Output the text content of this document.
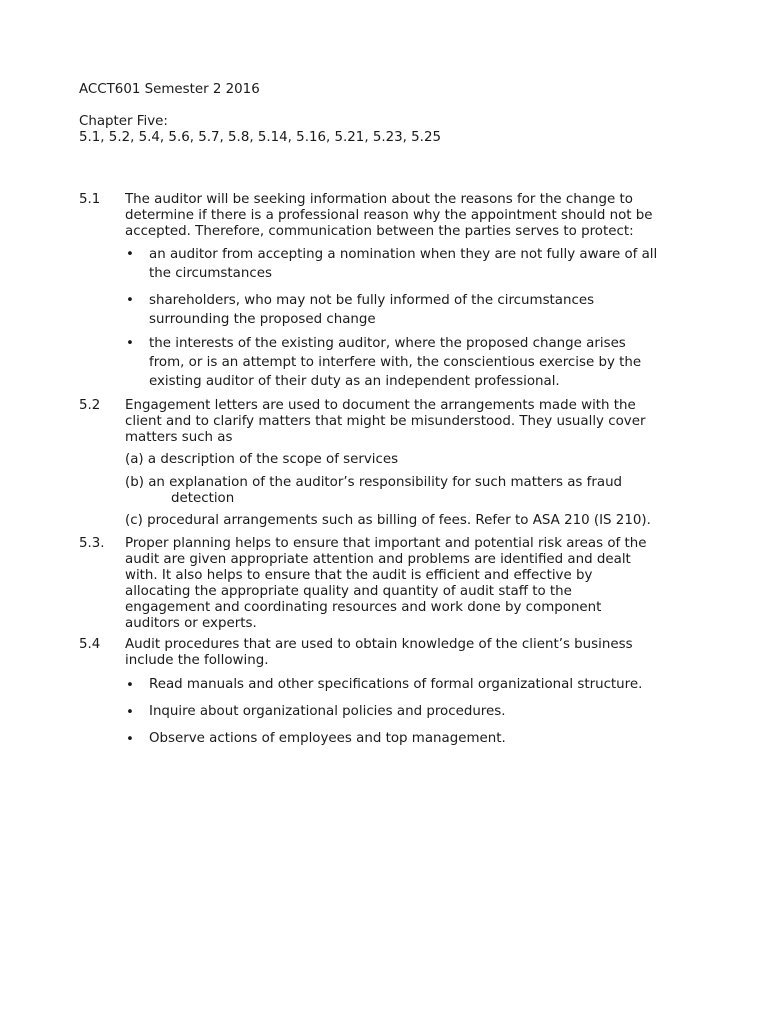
ACCT601 Semester 2 2016
Chapter Five:
5.1, 5.2, 5.4, 5.6, 5.7, 5.8, 5.14, 5.16, 5.21, 5.23, 5.25
5.1 The auditor will be seeking information about the reasons for the change to
determine if there is a professional reason why the appointment should not be
accepted. Therefore, communication between the parties serves to protect:
• an auditor from accepting a nomination when they are not fully aware of all
the circumstances
• shareholders, who may not be fully informed of the circumstances
surrounding the proposed change
• the interests of the existing auditor, where the proposed change arises
from, or is an attempt to interfere with, the conscientious exercise by the
existing auditor of their duty as an independent professional.
5.2 Engagement letters are used to document the arrangements made with the
client and to clarify matters that might be misunderstood. They usually cover
matters such as
(a) a description of the scope of services
(b) an explanation of the auditor’s responsibility for such matters as fraud
detection
(c) procedural arrangements such as billing of fees. Refer to ASA 210 (IS 210).
5.3. Proper planning helps to ensure that important and potential risk areas of the
audit are given appropriate attention and problems are identified and dealt
with. It also helps to ensure that the audit is efficient and effective by
allocating the appropriate quality and quantity of audit staff to the
engagement and coordinating resources and work done by component
auditors or experts.
5.4 Audit procedures that are used to obtain knowledge of the client’s business
include the following.
• Read manuals and other specifications of formal organizational structure.
• Inquire about organizational policies and procedures.
• Observe actions of employees and top management.
